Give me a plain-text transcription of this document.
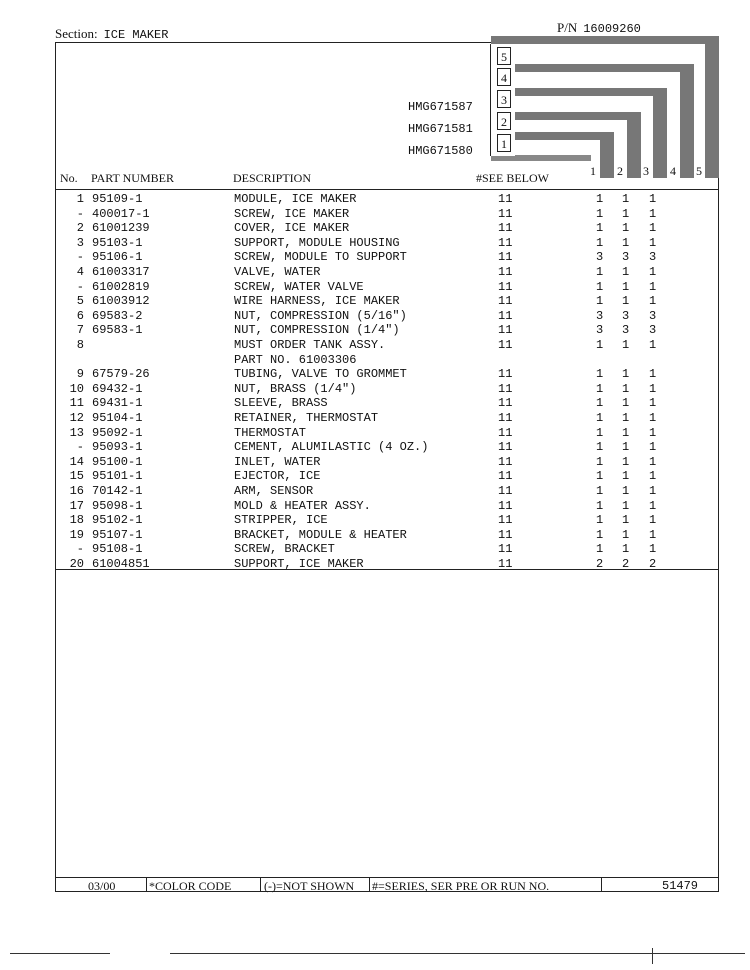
Section: ICE MAKER	P/N 16009260
5
4
3
2
1
HMG671587
HMG671581
HMG671580
No. PART NUMBER	DESCRIPTION	#SEE BELOW	1 2 3 4 5
1 95109-1	MODULE, ICE MAKER	11	1 1 1
- 400017-1	SCREW, ICE MAKER	11	1 1 1
2 61001239	COVER, ICE MAKER	11	1 1 1
3 95103-1	SUPPORT, MODULE HOUSING	11	1 1 1
- 95106-1	SCREW, MODULE TO SUPPORT	11	3 3 3
4 61003317	VALVE, WATER	11	1 1 1
- 61002819	SCREW, WATER VALVE	11	1 1 1
5 61003912	WIRE HARNESS, ICE MAKER	11	1 1 1
6 69583-2	NUT, COMPRESSION (5/16")	11	3 3 3
7 69583-1	NUT, COMPRESSION (1/4")	11	3 3 3
8	MUST ORDER TANK ASSY.	11	1 1 1
PART NO. 61003306
9 67579-26	TUBING, VALVE TO GROMMET	11	1 1 1
10 69432-1	NUT, BRASS (1/4")	11	1 1 1
11 69431-1	SLEEVE, BRASS	11	1 1 1
12 95104-1	RETAINER, THERMOSTAT	11	1 1 1
13 95092-1	THERMOSTAT	11	1 1 1
- 95093-1	CEMENT, ALUMILASTIC (4 OZ.)	11	1 1 1
14 95100-1	INLET, WATER	11	1 1 1
15 95101-1	EJECTOR, ICE	11	1 1 1
16 70142-1	ARM, SENSOR	11	1 1 1
17 95098-1	MOLD & HEATER ASSY.	11	1 1 1
18 95102-1	STRIPPER, ICE	11	1 1 1
19 95107-1	BRACKET, MODULE & HEATER	11	1 1 1
- 95108-1	SCREW, BRACKET	11	1 1 1
20 61004851	SUPPORT, ICE MAKER	11	2 2 2
03/00	*COLOR CODE	(-)=NOT SHOWN #=SERIES, SER PRE OR RUN NO.	51479
